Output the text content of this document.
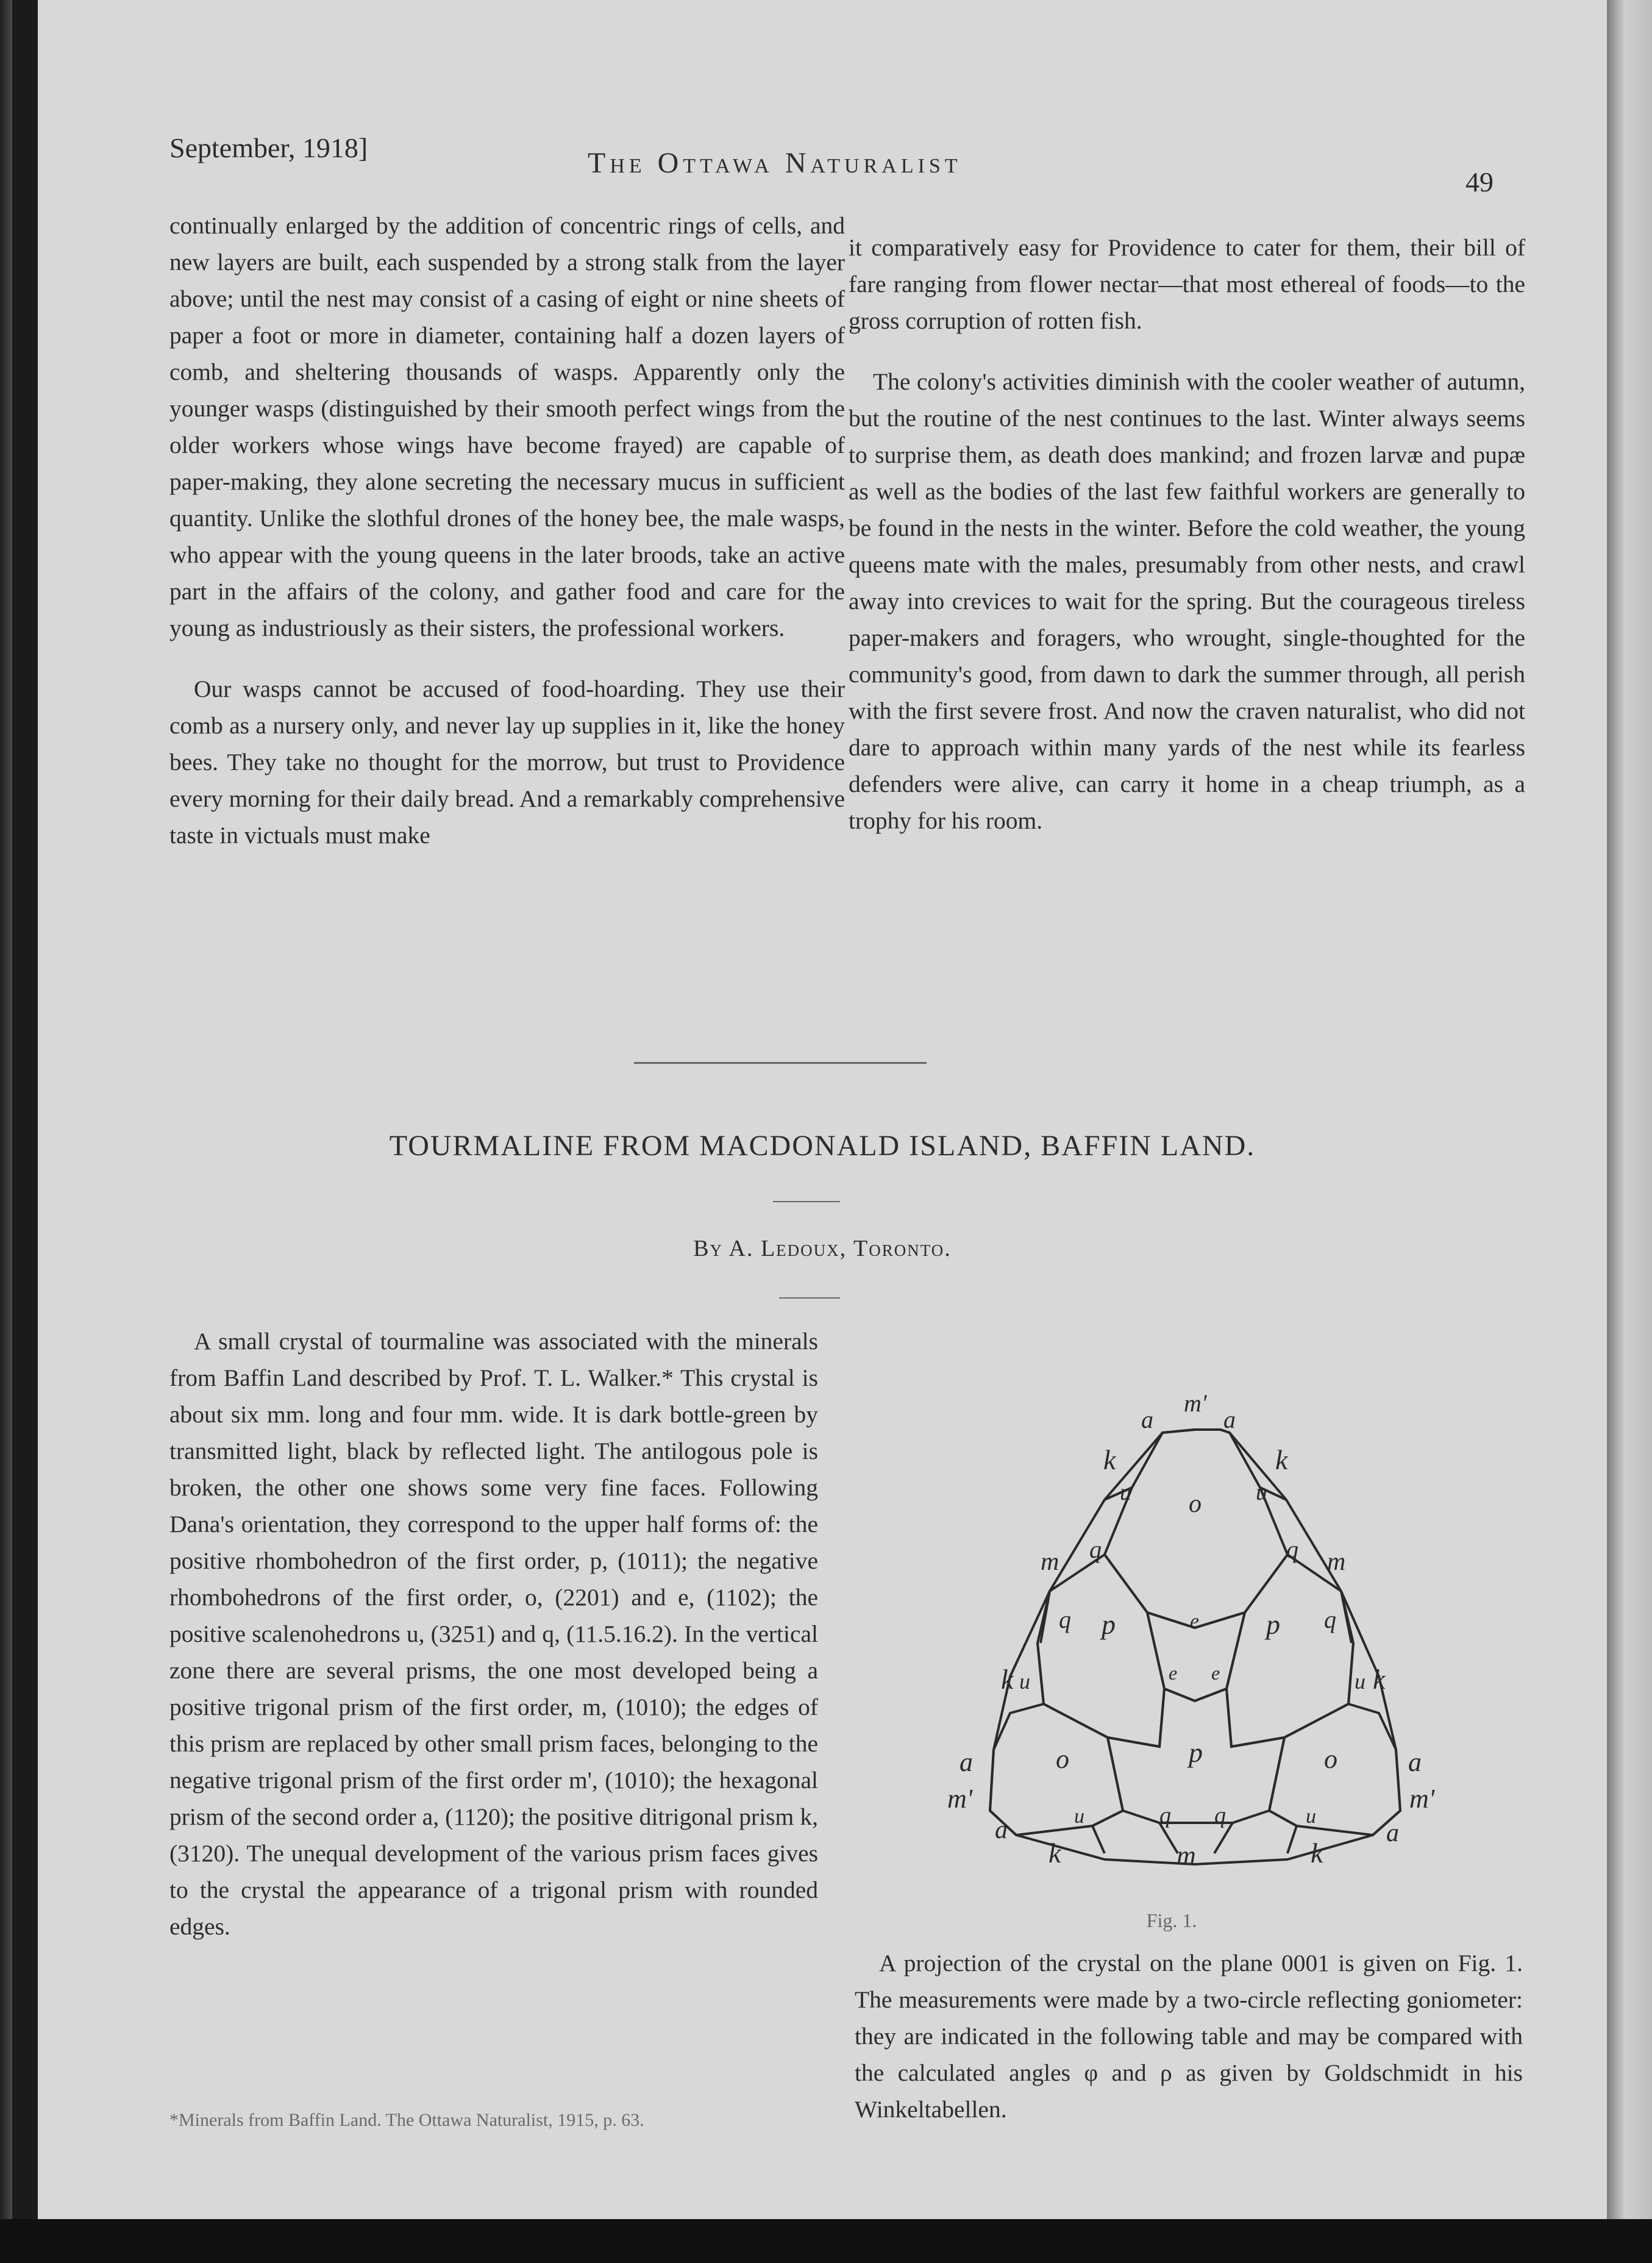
September, 1918]	The Ottawa Naturalist
49

continually enlarged by the addition of concentric rings of cells, and new layers are built, each suspended by a strong stalk from the layer above; until the nest may consist of a casing of eight or nine sheets of paper a foot or more in diameter, containing half a dozen layers of comb, and sheltering thousands of wasps. Apparently only the younger wasps (distinguished by their smooth perfect wings from the older workers whose wings have become frayed) are capable of paper-making, they alone secreting the necessary mucus in sufficient quantity. Unlike the slothful drones of the honey bee, the male wasps, who appear with the young queens in the later broods, take an active part in the affairs of the colony, and gather food and care for the young as industriously as their sisters, the professional workers.

Our wasps cannot be accused of food-hoarding. They use their comb as a nursery only, and never lay up supplies in it, like the honey bees. They take no thought for the morrow, but trust to Providence every morning for their daily bread. And a remarkably comprehensive taste in victuals must make

it comparatively easy for Providence to cater for them, their bill of fare ranging from flower nectar—that most ethereal of foods—to the gross corruption of rotten fish.

The colony's activities diminish with the cooler weather of autumn, but the routine of the nest continues to the last. Winter always seems to surprise them, as death does mankind; and frozen larvæ and pupæ as well as the bodies of the last few faithful workers are generally to be found in the nests in the winter. Before the cold weather, the young queens mate with the males, presumably from other nests, and crawl away into crevices to wait for the spring. But the courageous tireless paper-makers and foragers, who wrought, single-thoughted for the community's good, from dawn to dark the summer through, all perish with the first severe frost. And now the craven naturalist, who did not dare to approach within many yards of the nest while its fearless defenders were alive, can carry it home in a cheap triumph, as a trophy for his room.

TOURMALINE FROM MACDONALD ISLAND, BAFFIN LAND.
By A. Ledoux, Toronto.

A small crystal of tourmaline was associated with the minerals from Baffin Land described by Prof. T. L. Walker.* This crystal is about six mm. long and four mm. wide. It is dark bottle-green by transmitted light, black by reflected light. The antilogous pole is broken, the other one shows some very fine faces. Following Dana's orientation, they correspond to the upper half forms of: the positive rhombohedron of the first order, p, (1011); the negative rhombohedrons of the first order, o, (2201) and e, (1102); the positive scalenohedrons u, (3251) and q, (11.5.16.2). In the vertical zone there are several prisms, the one most developed being a positive trigonal prism of the first order, m, (1010); the edges of this prism are replaced by other small prism faces, belonging to the negative trigonal prism of the first order m', (1010); the hexagonal prism of the second order a, (1120); the positive ditrigonal prism k, (3120). The unequal development of the various prism faces gives to the crystal the appearance of a trigonal prism with rounded edges.

*Minerals from Baffin Land. The Ottawa Naturalist, 1915, p. 63.
m'
a	a
k	k
u	u
o
m	m
q	q
q	q
p	p
e
e e
k	k
u	u
o	o
p
a	a
m'	m'
a	a
u	u
q q
k	k
m
Fig. 1.

A projection of the crystal on the plane 0001 is given on Fig. 1. The measurements were made by a two-circle reflecting goniometer: they are indicated in the following table and may be compared with the calculated angles φ and ρ as given by Goldschmidt in his Winkeltabellen.
